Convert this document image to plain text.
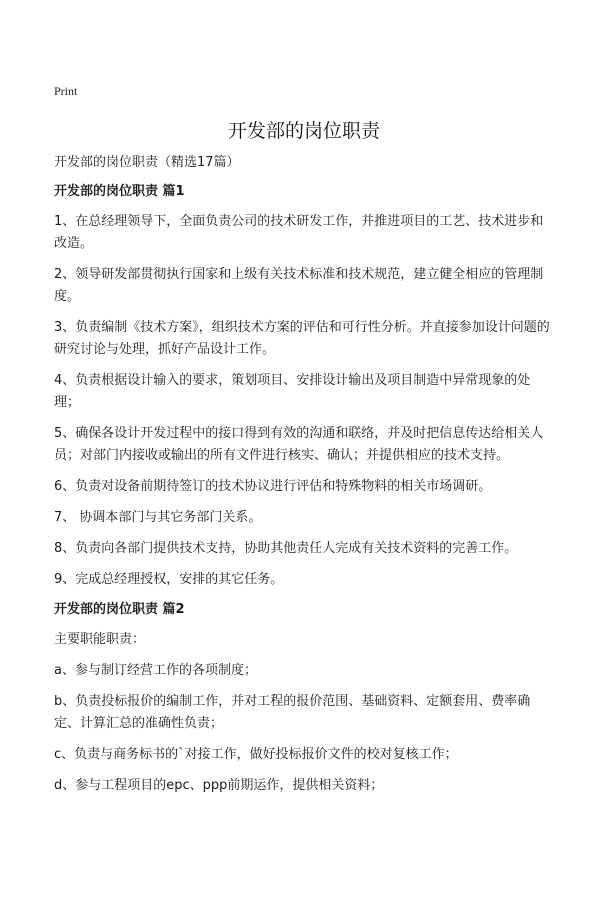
Print
开发部的岗位职责

开发部的岗位职责（精选17篇）

开发部的岗位职责 篇1

1、在总经理领导下，全面负责公司的技术研发工作，并推进项目的工艺、技术进步和改造。

2、领导研发部贯彻执行国家和上级有关技术标准和技术规范，建立健全相应的管理制度。

3、负责编制《技术方案》，组织技术方案的评估和可行性分析。并直接参加设计问题的研究讨论与处理，抓好产品设计工作。

4、负责根据设计输入的要求，策划项目、安排设计输出及项目制造中异常现象的处理；

5、确保各设计开发过程中的接口得到有效的沟通和联络，并及时把信息传达给相关人员；对部门内接收或输出的所有文件进行核实、确认；并提供相应的技术支持。

6、负责对设备前期待签订的技术协议进行评估和特殊物料的相关市场调研。

7、 协调本部门与其它务部门关系。

8、负责向各部门提供技术支持，协助其他责任人完成有关技术资料的完善工作。

9、完成总经理授权，安排的其它任务。

开发部的岗位职责 篇2

主要职能职责：

a、参与制订经营工作的各项制度；

b、负责投标报价的编制工作，并对工程的报价范围、基础资料、定额套用、费率确定、计算汇总的准确性负责；

c、负责与商务标书的`对接工作，做好投标报价文件的校对复核工作；

d、参与工程项目的epc、ppp前期运作，提供相关资料；
